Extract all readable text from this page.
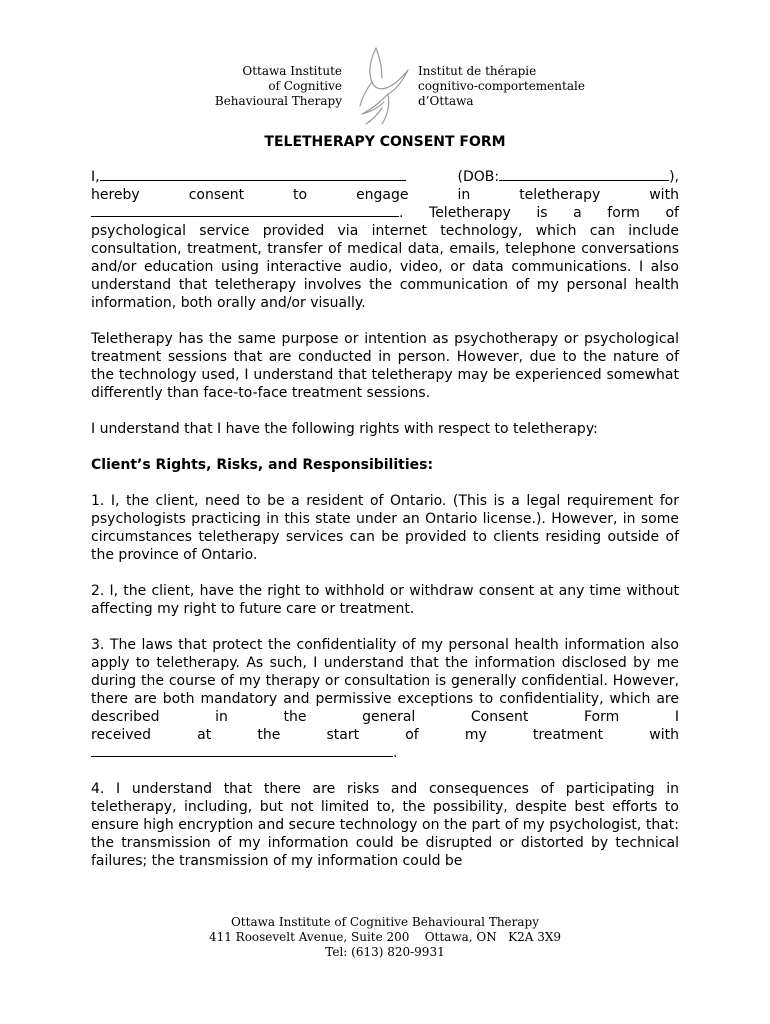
Ottawa Institute
of Cognitive
Behavioural Therapy
Institut de thérapie
cognitivo-comportementale
d’Ottawa
TELETHERAPY CONSENT FORM
I,	(DOB:	),
hereby	consent	to	engage	in	teletherapy	with
. Teletherapy is a form of

psychological service provided via internet technology, which can include consultation, treatment, transfer of medical data, emails, telephone conversations and/or education using interactive audio, video, or data communications. I also understand that teletherapy involves the communication of my personal health information, both orally and/or visually.

Teletherapy has the same purpose or intention as psychotherapy or psychological treatment sessions that are conducted in person. However, due to the nature of the technology used, I understand that teletherapy may be experienced somewhat differently than face-to-face treatment sessions.

I understand that I have the following rights with respect to teletherapy:

Client’s Rights, Risks, and Responsibilities:

1. I, the client, need to be a resident of Ontario. (This is a legal requirement for psychologists practicing in this state under an Ontario license.). However, in some circumstances teletherapy services can be provided to clients residing outside of the province of Ontario.

2. I, the client, have the right to withhold or withdraw consent at any time without affecting my right to future care or treatment.

3. The laws that protect the confidentiality of my personal health information also apply to teletherapy. As such, I understand that the information disclosed by me during the course of my therapy or consultation is generally confidential. However, there are both mandatory and permissive exceptions to confidentiality, which are described in the general Consent Form I

received	at	the	start	of	my	treatment	with
.

4. I understand that there are risks and consequences of participating in teletherapy, including, but not limited to, the possibility, despite best efforts to ensure high encryption and secure technology on the part of my psychologist, that: the transmission of my information could be disrupted or distorted by technical failures; the transmission of my information could be

Ottawa Institute of Cognitive Behavioural Therapy
411 Roosevelt Avenue, Suite 200    Ottawa, ON   K2A 3X9
Tel: (613) 820-9931
